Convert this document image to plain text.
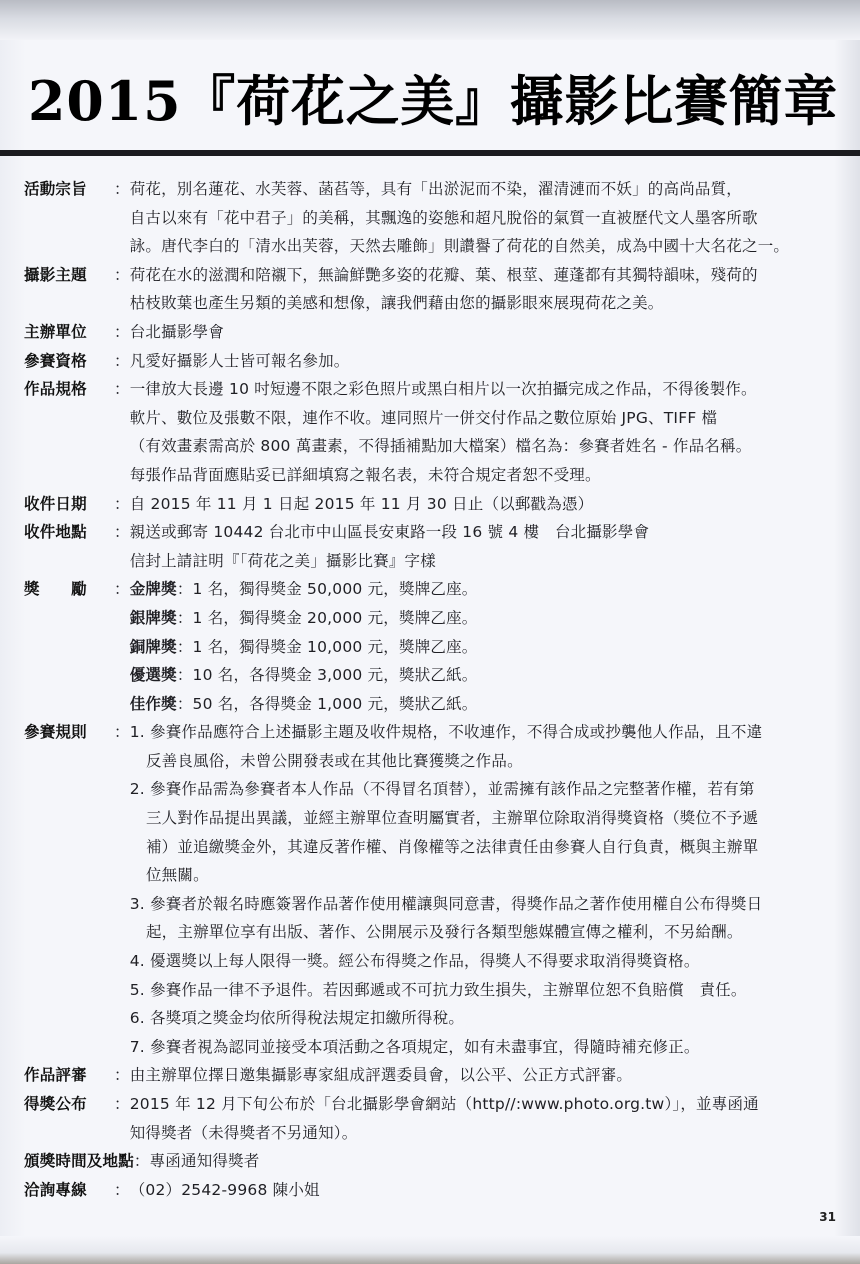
2015『荷花之美』攝影比賽簡章
活動宗旨	： 荷花，別名蓮花、水芙蓉、菡萏等，具有「出淤泥而不染，濯清漣而不妖」的高尚品質，
自古以來有「花中君子」的美稱，其飄逸的姿態和超凡脫俗的氣質一直被歷代文人墨客所歌
詠。唐代李白的「清水出芙蓉，天然去雕飾」則讚譽了荷花的自然美，成為中國十大名花之一。
攝影主題	： 荷花在水的滋潤和陪襯下，無論鮮艷多姿的花瓣、葉、根莖、蓮蓬都有其獨特韻味，殘荷的
枯枝敗葉也產生另類的美感和想像，讓我們藉由您的攝影眼來展現荷花之美。
主辦單位	： 台北攝影學會
參賽資格	： 凡愛好攝影人士皆可報名參加。
作品規格	： 一律放大長邊 10 吋短邊不限之彩色照片或黑白相片以一次拍攝完成之作品，不得後製作。
軟片、數位及張數不限，連作不收。連同照片一併交付作品之數位原始 JPG、TIFF 檔
（有效畫素需高於 800 萬畫素，不得插補點加大檔案）檔名為：參賽者姓名 - 作品名稱。
每張作品背面應貼妥已詳細填寫之報名表，未符合規定者恕不受理。
收件日期	： 自 2015 年 11 月 1 日起 2015 年 11 月 30 日止（以郵戳為憑）
收件地點	： 親送或郵寄 10442 台北市中山區長安東路一段 16 號 4 樓　台北攝影學會
信封上請註明『「荷花之美」攝影比賽』字樣
獎　　勵	： 金牌獎 ： 1 名，獨得獎金 50,000 元，獎牌乙座。
銀牌獎 ： 1 名，獨得獎金 20,000 元，獎牌乙座。
銅牌獎 ： 1 名，獨得獎金 10,000 元，獎牌乙座。
優選獎 ： 10 名，各得獎金 3,000 元，獎狀乙紙。
佳作獎 ： 50 名，各得獎金 1,000 元，獎狀乙紙。
參賽規則	： 1. 參賽作品應符合上述攝影主題及收件規格，不收連作，不得合成或抄襲他人作品，且不違
反善良風俗，未曾公開發表或在其他比賽獲獎之作品。
2. 參賽作品需為參賽者本人作品（不得冒名頂替），並需擁有該作品之完整著作權，若有第
三人對作品提出異議，並經主辦單位查明屬實者，主辦單位除取消得獎資格（獎位不予遞
補）並追繳獎金外，其違反著作權、肖像權等之法律責任由參賽人自行負責，概與主辦單
位無關。
3. 參賽者於報名時應簽署作品著作使用權讓與同意書，得獎作品之著作使用權自公布得獎日
起，主辦單位享有出版、著作、公開展示及發行各類型態媒體宣傳之權利，不另給酬。
4. 優選獎以上每人限得一獎。經公布得獎之作品，得獎人不得要求取消得獎資格。
5. 參賽作品一律不予退件。若因郵遞或不可抗力致生損失，主辦單位恕不負賠償　責任。
6. 各獎項之獎金均依所得稅法規定扣繳所得稅。
7. 參賽者視為認同並接受本項活動之各項規定，如有未盡事宜，得隨時補充修正。
作品評審	： 由主辦單位擇日邀集攝影專家組成評選委員會，以公平、公正方式評審。
得獎公布	： 2015 年 12 月下旬公布於「台北攝影學會網站（http//:www.photo.org.tw）」，並專函通
知得獎者（未得獎者不另通知）。
頒獎時間及地點 ： 專函通知得獎者
洽詢專線	： （02）2542-9968 陳小姐
31
